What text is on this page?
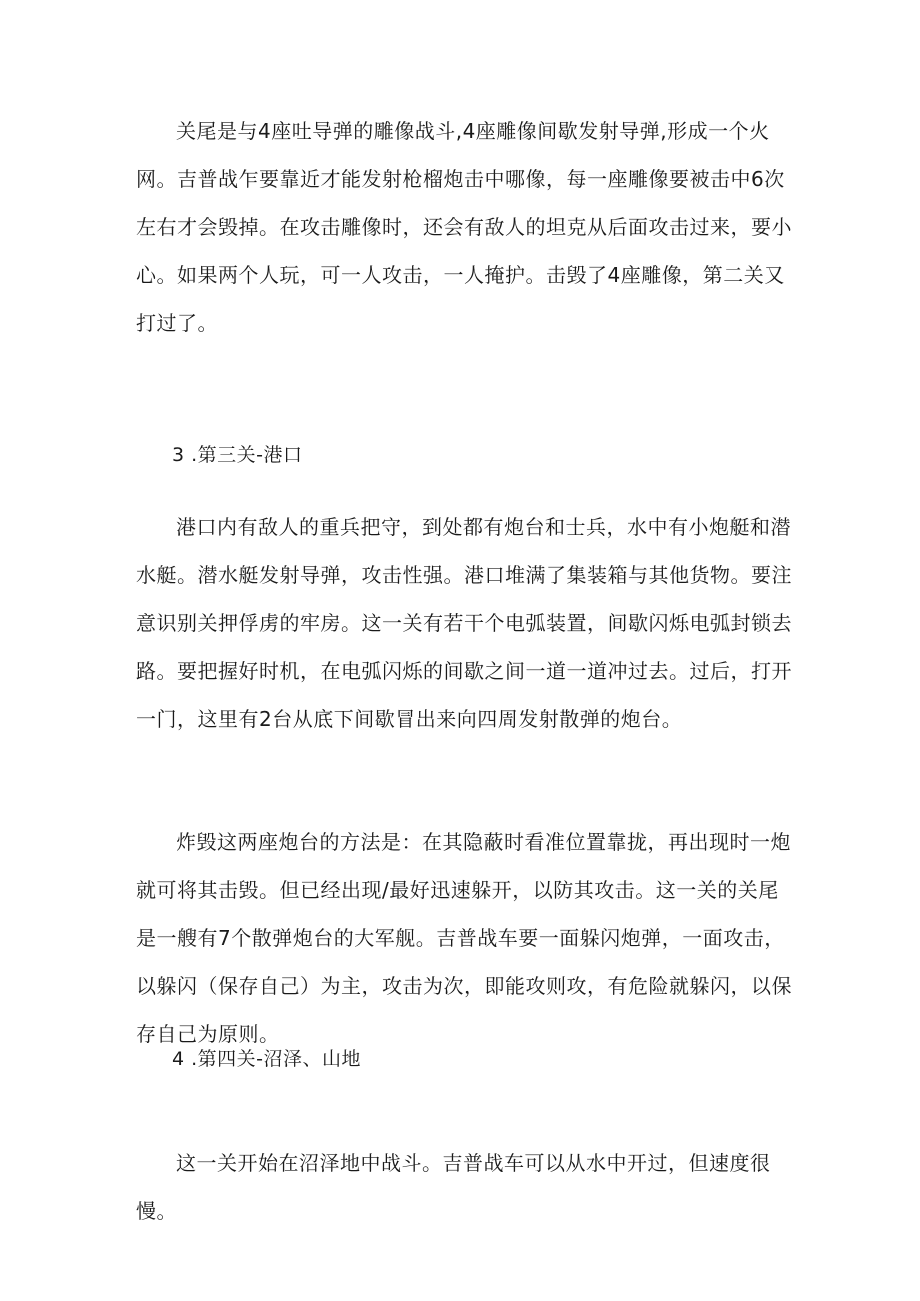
关尾是与4座吐导弹的雕像战斗,4座雕像间歇发射导弹,形成一个火网。吉普战乍要靠近才能发射枪榴炮击中哪像，每一座雕像要被击中6次左右才会毁掉。在攻击雕像时，还会有敌人的坦克从后面攻击过来，要小心。如果两个人玩，可一人攻击，一人掩护。击毁了4座雕像，第二关又打过了。

3 .第三关-港口

港口内有敌人的重兵把守，到处都有炮台和士兵，水中有小炮艇和潜水艇。潜水艇发射导弹，攻击性强。港口堆满了集装箱与其他货物。要注意识别关押俘虏的牢房。这一关有若干个电弧装置，间歇闪烁电弧封锁去路。要把握好时机，在电弧闪烁的间歇之间一道一道冲过去。过后，打开一门，这里有2台从底下间歇冒出来向四周发射散弹的炮台。

炸毁这两座炮台的方法是：在其隐蔽时看准位置靠拢，再出现时一炮就可将其击毁。但已经出现/最好迅速躲开，以防其攻击。这一关的关尾是一艘有7个散弹炮台的大军舰。吉普战车要一面躲闪炮弹，一面攻击，以躲闪（保存自己）为主，攻击为次，即能攻则攻，有危险就躲闪，以保存自己为原则。

4 .第四关-沼泽、山地

这一关开始在沼泽地中战斗。吉普战车可以从水中开过，但速度很慢。
